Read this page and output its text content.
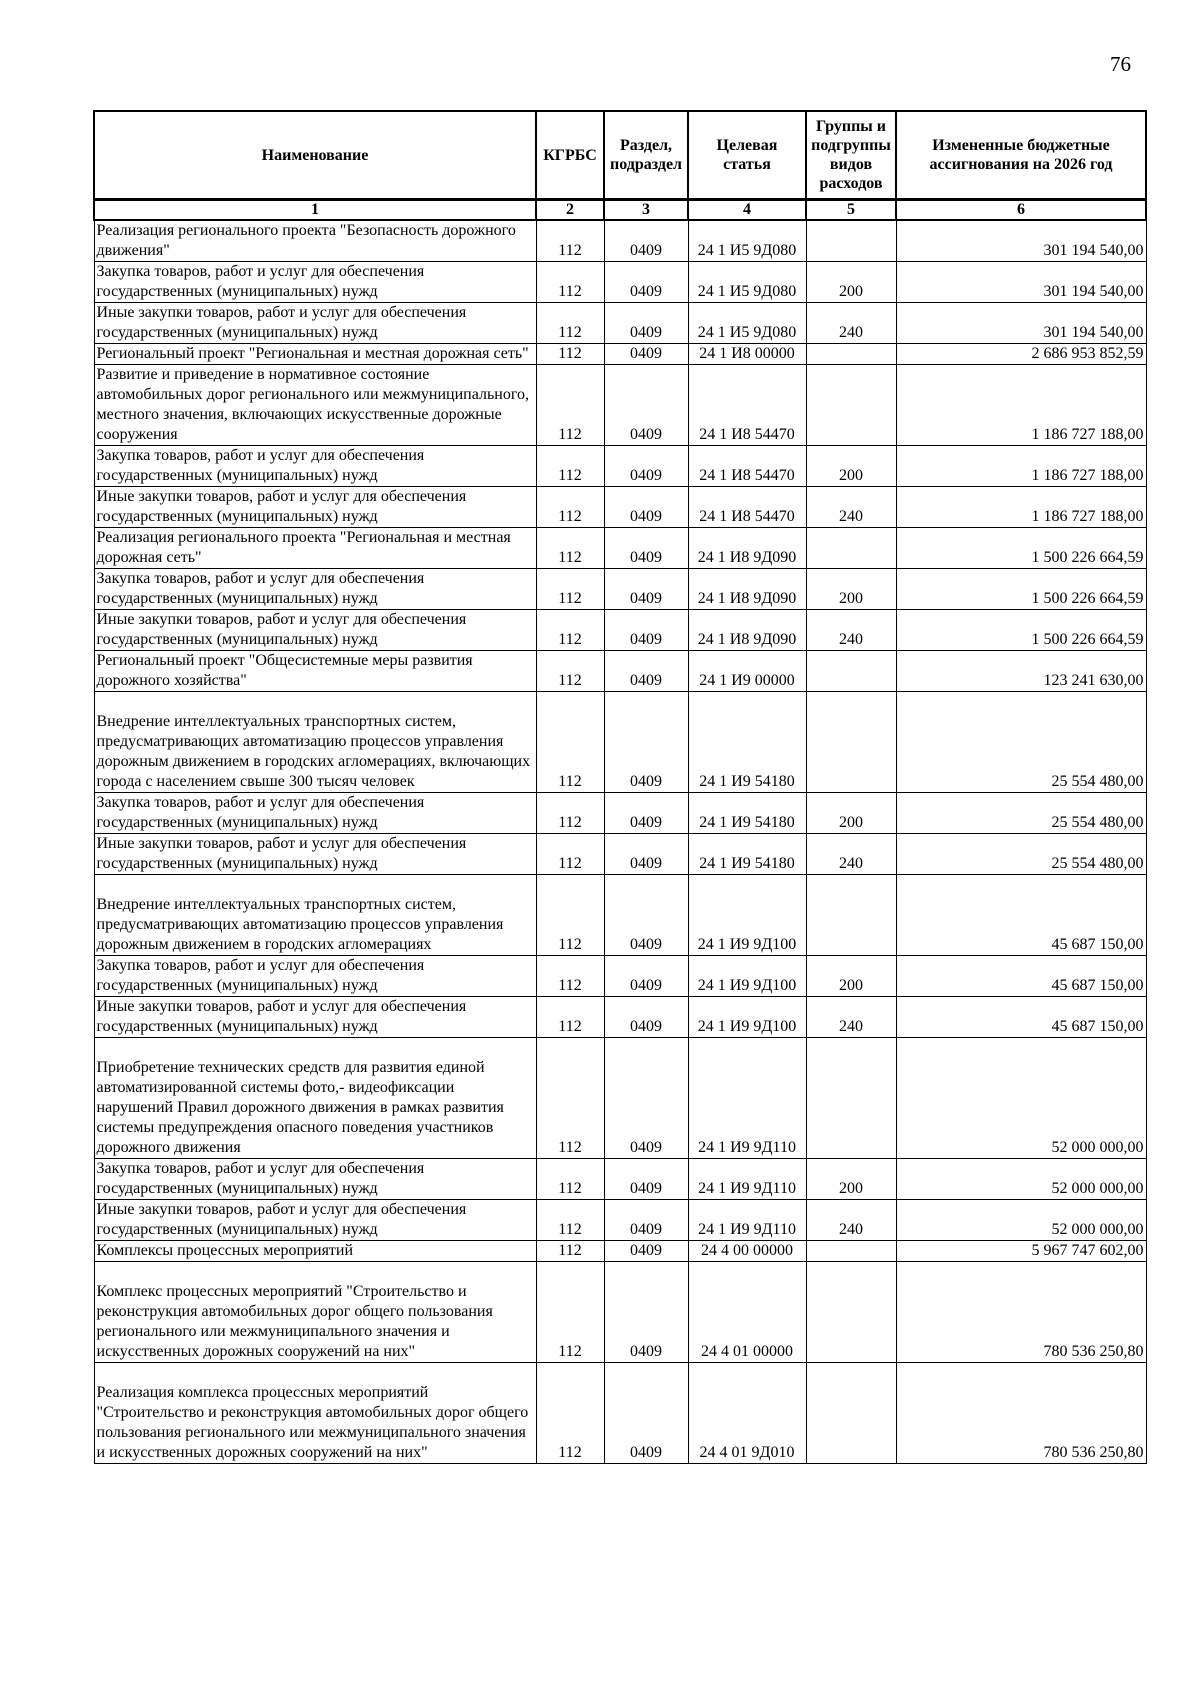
76
Наименование	КГРБС	Раздел, подраздел	Целевая статья	Группы и подгруппы видов расходов	Измененные бюджетные ассигнования на 2026 год
1	2	3	4	5	6
Реализация регионального проекта "Безопасность дорожного движения"	112	0409	24 1 И5 9Д080		301 194 540,00
Закупка товаров, работ и услуг для обеспечения государственных (муниципальных) нужд	112	0409	24 1 И5 9Д080	200	301 194 540,00
Иные закупки товаров, работ и услуг для обеспечения государственных (муниципальных) нужд	112	0409	24 1 И5 9Д080	240	301 194 540,00
Региональный проект "Региональная и местная дорожная сеть"	112	0409	24 1 И8 00000		2 686 953 852,59
Развитие и приведение в нормативное состояние автомобильных дорог регионального или межмуниципального, местного значения, включающих искусственные дорожные сооружения	112	0409	24 1 И8 54470		1 186 727 188,00
Закупка товаров, работ и услуг для обеспечения государственных (муниципальных) нужд	112	0409	24 1 И8 54470	200	1 186 727 188,00
Иные закупки товаров, работ и услуг для обеспечения государственных (муниципальных) нужд	112	0409	24 1 И8 54470	240	1 186 727 188,00
Реализация регионального проекта "Региональная и местная дорожная сеть"	112	0409	24 1 И8 9Д090		1 500 226 664,59
Закупка товаров, работ и услуг для обеспечения государственных (муниципальных) нужд	112	0409	24 1 И8 9Д090	200	1 500 226 664,59
Иные закупки товаров, работ и услуг для обеспечения государственных (муниципальных) нужд	112	0409	24 1 И8 9Д090	240	1 500 226 664,59
Региональный проект "Общесистемные меры развития дорожного хозяйства"	112	0409	24 1 И9 00000		123 241 630,00
Внедрение интеллектуальных транспортных систем, предусматривающих автоматизацию процессов управления дорожным движением в городских агломерациях, включающих города с населением свыше 300 тысяч человек	112	0409	24 1 И9 54180		25 554 480,00
Закупка товаров, работ и услуг для обеспечения государственных (муниципальных) нужд	112	0409	24 1 И9 54180	200	25 554 480,00
Иные закупки товаров, работ и услуг для обеспечения государственных (муниципальных) нужд	112	0409	24 1 И9 54180	240	25 554 480,00
Внедрение интеллектуальных транспортных систем, предусматривающих автоматизацию процессов управления дорожным движением в городских агломерациях	112	0409	24 1 И9 9Д100		45 687 150,00
Закупка товаров, работ и услуг для обеспечения государственных (муниципальных) нужд	112	0409	24 1 И9 9Д100	200	45 687 150,00
Иные закупки товаров, работ и услуг для обеспечения государственных (муниципальных) нужд	112	0409	24 1 И9 9Д100	240	45 687 150,00
Приобретение технических средств для развития единой автоматизированной системы фото,- видеофиксации нарушений Правил дорожного движения в рамках развития системы предупреждения опасного поведения участников дорожного движения	112	0409	24 1 И9 9Д110		52 000 000,00
Закупка товаров, работ и услуг для обеспечения государственных (муниципальных) нужд	112	0409	24 1 И9 9Д110	200	52 000 000,00
Иные закупки товаров, работ и услуг для обеспечения государственных (муниципальных) нужд	112	0409	24 1 И9 9Д110	240	52 000 000,00
Комплексы процессных мероприятий	112	0409	24 4 00 00000		5 967 747 602,00
Комплекс процессных мероприятий "Строительство и реконструкция автомобильных дорог общего пользования регионального или межмуниципального значения и искусственных дорожных сооружений на них"	112	0409	24 4 01 00000		780 536 250,80
Реализация комплекса процессных мероприятий "Строительство и реконструкция автомобильных дорог общего пользования регионального или межмуниципального значения и искусственных дорожных сооружений на них"	112	0409	24 4 01 9Д010		780 536 250,80
